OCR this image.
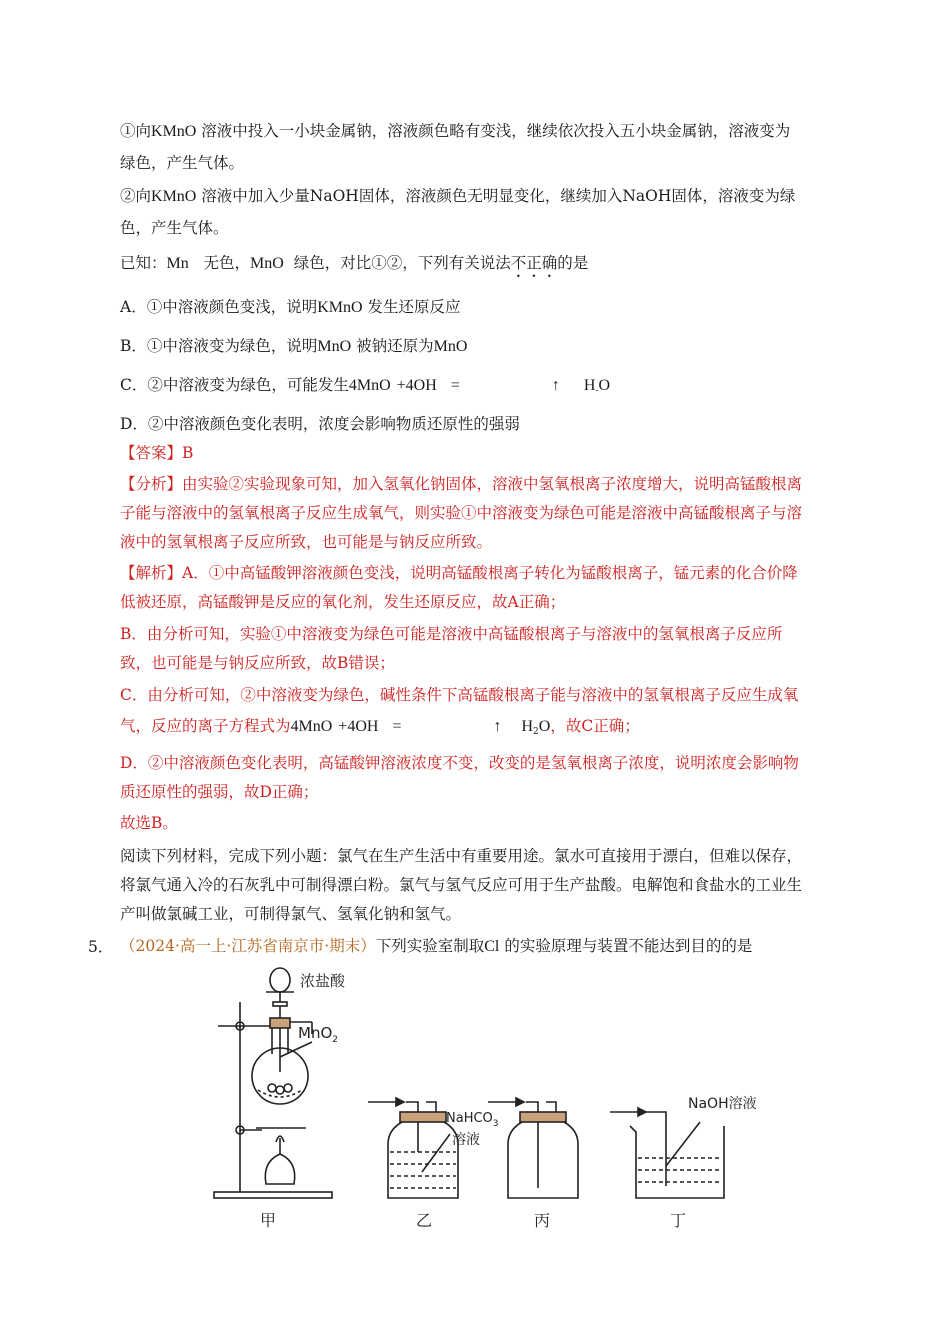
①向KMnO 溶液中投入一小块金属钠，溶液颜色略有变浅，继续依次投入五小块金属钠，溶液变为
绿色，产生气体。
②向KMnO 溶液中加入少量NaOH固体，溶液颜色无明显变化，继续加入NaOH固体，溶液变为绿
色，产生气体。
已知：Mn 无色，MnO 绿色，对比①②，下列有关说法不正确的是
A．①中溶液颜色变浅，说明KMnO 发生还原反应
B．①中溶液变为绿色，说明MnO 被钠还原为MnO
C．②中溶液变为绿色，可能发生4MnO +4OH =	↑ $H_-O$
D．②中溶液颜色变化表明，浓度会影响物质还原性的强弱
【答案】B
【分析】由实验②实验现象可知，加入氢氧化钠固体，溶液中氢氧根离子浓度增大，说明高锰酸根离
子能与溶液中的氢氧根离子反应生成氧气，则实验①中溶液变为绿色可能是溶液中高锰酸根离子与溶
液中的氢氧根离子反应所致，也可能是与钠反应所致。
【解析】A．①中高锰酸钾溶液颜色变浅，说明高锰酸根离子转化为锰酸根离子，锰元素的化合价降
低被还原，高锰酸钾是反应的氧化剂，发生还原反应，故A正确；
B．由分析可知，实验①中溶液变为绿色可能是溶液中高锰酸根离子与溶液中的氢氧根离子反应所
致，也可能是与钠反应所致，故B错误；
C．由分析可知，②中溶液变为绿色，碱性条件下高锰酸根离子能与溶液中的氢氧根离子反应生成氧
气，反应的离子方程式为4MnO +4OH =	↑ $H_2O$，故C正确；
D．②中溶液颜色变化表明，高锰酸钾溶液浓度不变，改变的是氢氧根离子浓度，说明浓度会影响物
质还原性的强弱，故D正确；
故选B。
阅读下列材料，完成下列小题：氯气在生产生活中有重要用途。氯水可直接用于漂白，但难以保存，
将氯气通入冷的石灰乳中可制得漂白粉。氯气与氢气反应可用于生产盐酸。电解饱和食盐水的工业生
产叫做氯碱工业，可制得氯气、氢氧化钠和氢气。
5． （2024·高一上·江苏省南京市·期末）下列实验室制取Cl 的实验原理与装置不能达到目的的是
浓盐酸
MnO$_2$
NaHCO$_3$
溶液
NaOH溶液
甲	乙	丙	丁
